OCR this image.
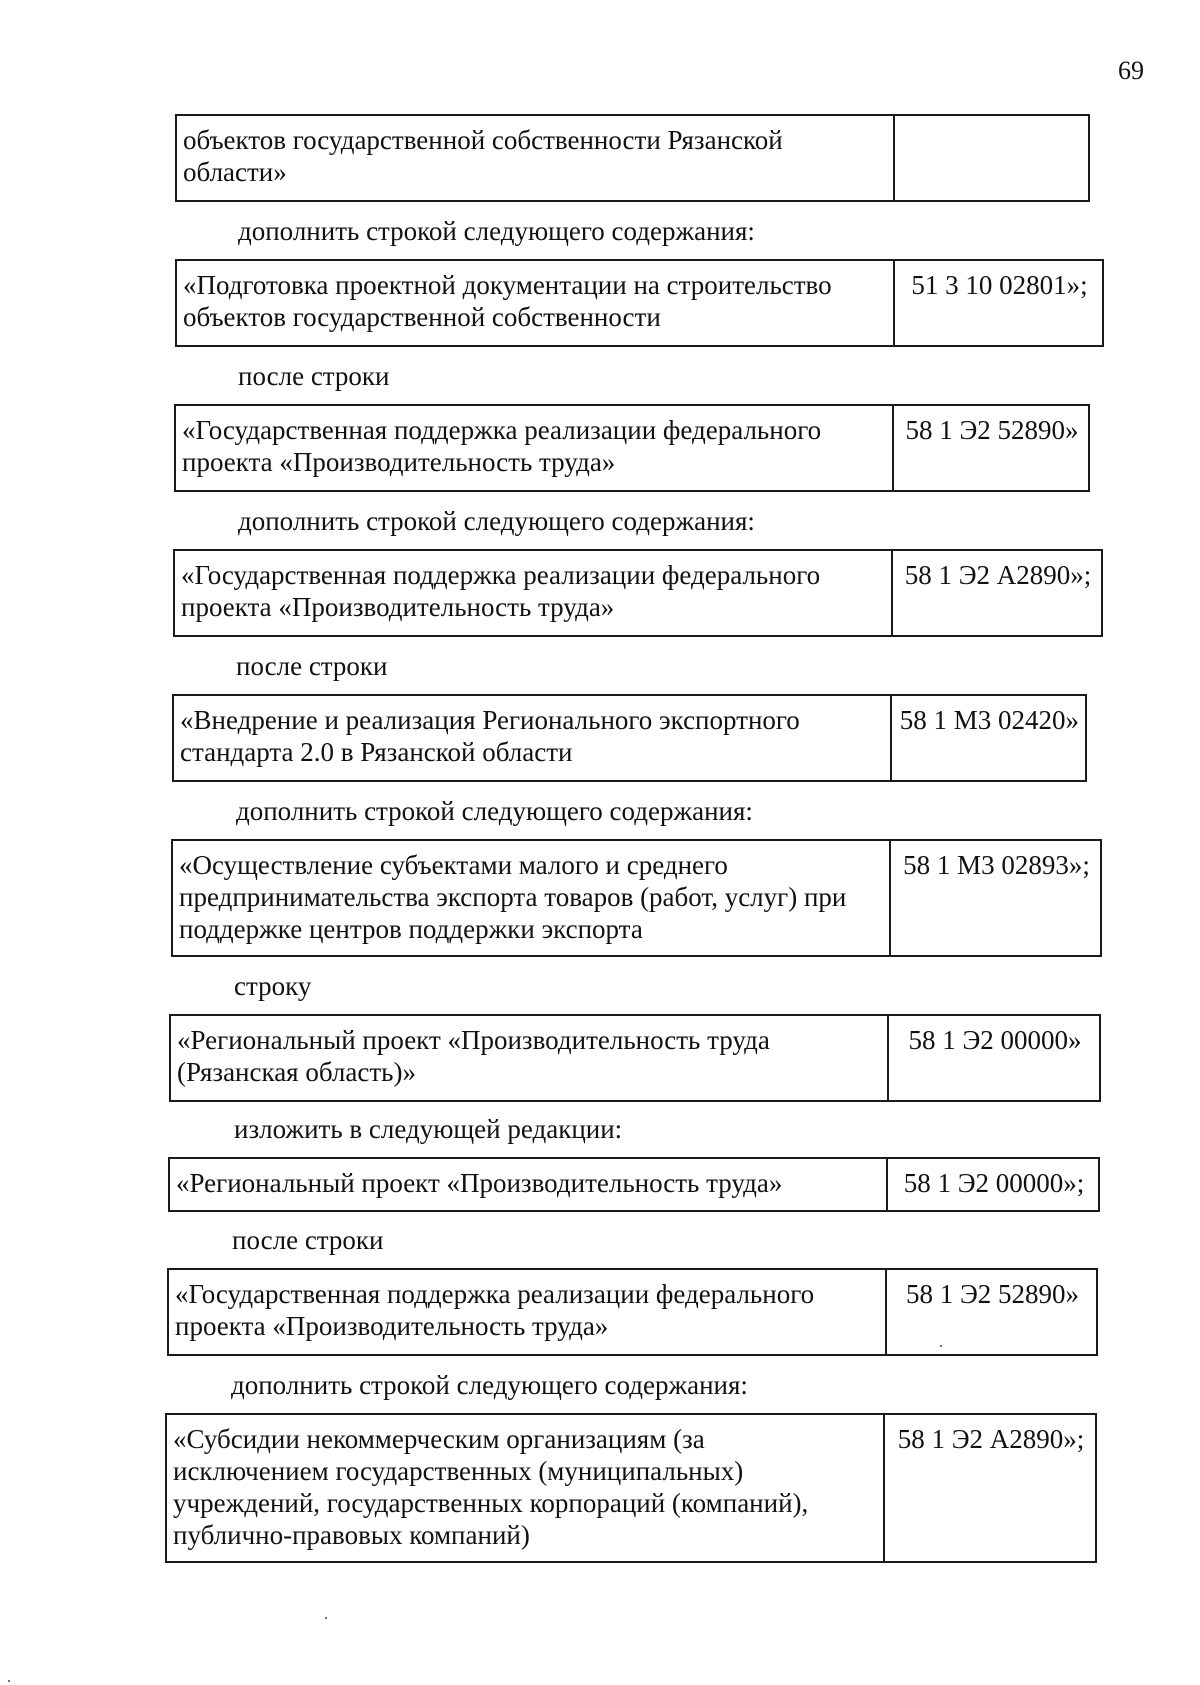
69
объектов государственной собственности Рязанской
области»
дополнить строкой следующего содержания:
«Подготовка проектной документации на строительство
объектов государственной собственности
51 3 10 02801»;
после строки
«Государственная поддержка реализации федерального
проекта «Производительность труда»
58 1 Э2 52890»
дополнить строкой следующего содержания:
«Государственная поддержка реализации федерального
проекта «Производительность труда»
58 1 Э2 А2890»;
после строки
«Внедрение и реализация Регионального экспортного
стандарта 2.0 в Рязанской области
58 1 М3 02420»
дополнить строкой следующего содержания:
«Осуществление субъектами малого и среднего
предпринимательства экспорта товаров (работ, услуг) при
поддержке центров поддержки экспорта
58 1 М3 02893»;
строку
«Региональный проект «Производительность труда
(Рязанская область)»
58 1 Э2 00000»
изложить в следующей редакции:
«Региональный проект «Производительность труда»	58 1 Э2 00000»;
после строки
«Государственная поддержка реализации федерального
проекта «Производительность труда»
58 1 Э2 52890»
дополнить строкой следующего содержания:
«Субсидии некоммерческим организациям (за
исключением государственных (муниципальных)
учреждений, государственных корпораций (компаний),
публично-правовых компаний)
58 1 Э2 А2890»;
